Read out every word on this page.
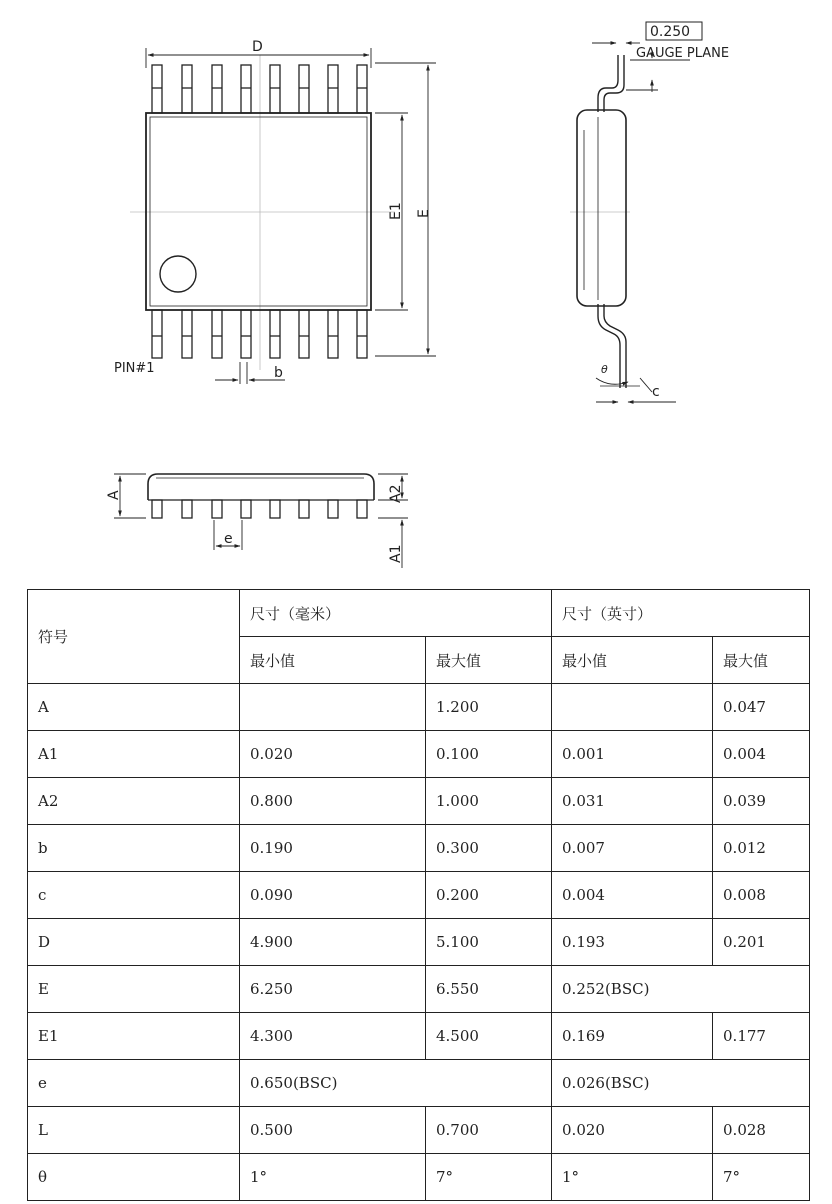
D
E1 E
b
PIN#1
0.250
GAUGE PLANE
θ
c
A	A2
A1
e
符号	尺寸（毫米）		尺寸（英寸）	
	最小值	最大值	最小值	最大值
A		1.200		0.047
A1	0.020	0.100	0.001	0.004
A2	0.800	1.000	0.031	0.039
b	0.190	0.300	0.007	0.012
c	0.090	0.200	0.004	0.008
D	4.900	5.100	0.193	0.201
E	6.250	6.550	0.252(BSC)	
E1	4.300	4.500	0.169	0.177
e	0.650(BSC)		0.026(BSC)	
L	0.500	0.700	0.020	0.028
θ	1°	7°	1°	7°
